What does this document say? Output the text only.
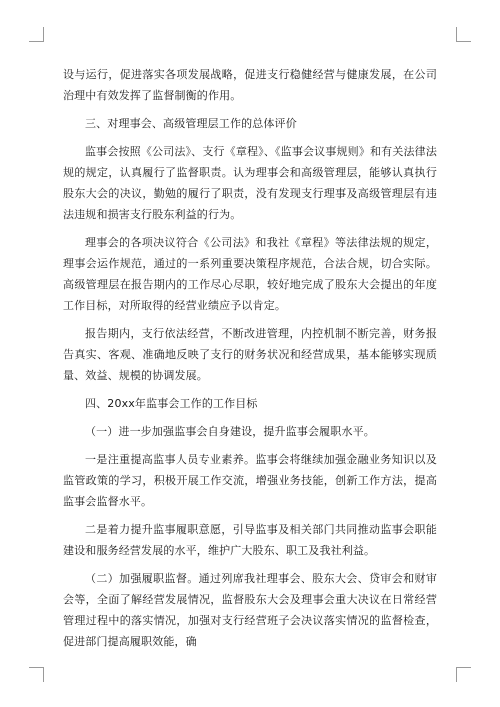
设与运行，促进落实各项发展战略，促进支行稳健经营与健康发展，在公司治理中有效发挥了监督制衡的作用。

三、对理事会、高级管理层工作的总体评价

监事会按照《公司法》、支行《章程》、《监事会议事规则》和有关法律法规的规定，认真履行了监督职责。认为理事会和高级管理层，能够认真执行股东大会的决议，勤勉的履行了职责，没有发现支行理事及高级管理层有违法违规和损害支行股东利益的行为。

理事会的各项决议符合《公司法》和我社《章程》等法律法规的规定，理事会运作规范，通过的一系列重要决策程序规范，合法合规，切合实际。高级管理层在报告期内的工作尽心尽职，较好地完成了股东大会提出的年度工作目标，对所取得的经营业绩应予以肯定。

报告期内，支行依法经营，不断改进管理，内控机制不断完善，财务报告真实、客观、准确地反映了支行的财务状况和经营成果，基本能够实现质量、效益、规模的协调发展。

四、20xx年监事会工作的工作目标

（一）进一步加强监事会自身建设，提升监事会履职水平。

一是注重提高监事人员专业素养。监事会将继续加强金融业务知识以及监管政策的学习，积极开展工作交流，增强业务技能，创新工作方法，提高监事会监督水平。

二是着力提升监事履职意愿，引导监事及相关部门共同推动监事会职能建设和服务经营发展的水平，维护广大股东、职工及我社利益。

（二）加强履职监督。通过列席我社理事会、股东大会、贷审会和财审会等，全面了解经营发展情况，监督股东大会及理事会重大决议在日常经营管理过程中的落实情况，加强对支行经营班子会决议落实情况的监督检查，促进部门提高履职效能，确
